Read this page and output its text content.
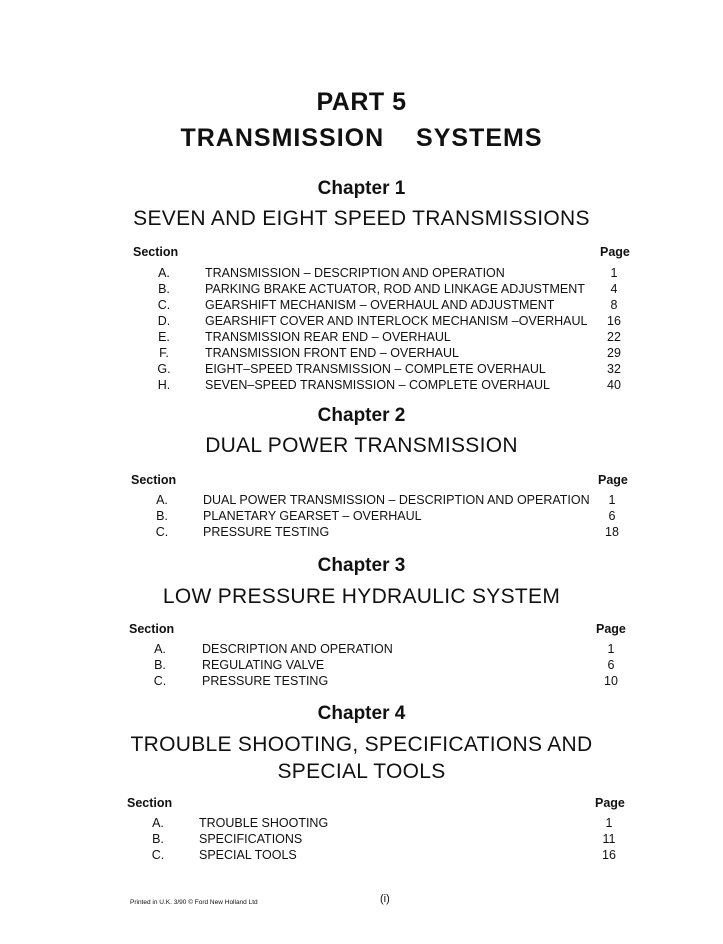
PART 5
TRANSMISSION  SYSTEMS
Chapter 1
SEVEN AND EIGHT SPEED TRANSMISSIONS
Section	Page
A.	TRANSMISSION – DESCRIPTION AND OPERATION	1
B.	PARKING BRAKE ACTUATOR, ROD AND LINKAGE ADJUSTMENT	4
C.	GEARSHIFT MECHANISM – OVERHAUL AND ADJUSTMENT	8
D.	GEARSHIFT COVER AND INTERLOCK MECHANISM –OVERHAUL	16
E.	TRANSMISSION REAR END – OVERHAUL	22
F.	TRANSMISSION FRONT END – OVERHAUL	29
G.	EIGHT–SPEED TRANSMISSION – COMPLETE OVERHAUL	32
H.	SEVEN–SPEED TRANSMISSION – COMPLETE OVERHAUL	40
Chapter 2
DUAL POWER TRANSMISSION
Section	Page
A.	DUAL POWER TRANSMISSION – DESCRIPTION AND OPERATION	1
B.	PLANETARY GEARSET – OVERHAUL	6
C.	PRESSURE TESTING	18
Chapter 3
LOW PRESSURE HYDRAULIC SYSTEM
Section	Page
A.	DESCRIPTION AND OPERATION	1
B.	REGULATING VALVE	6
C.	PRESSURE TESTING	10
Chapter 4
TROUBLE SHOOTING, SPECIFICATIONS AND
SPECIAL TOOLS
Section	Page
A.	TROUBLE SHOOTING	1
B.	SPECIFICATIONS	11
C.	SPECIAL TOOLS	16
Printed in U.K. 3/90 © Ford New Holland Ltd	(i)
